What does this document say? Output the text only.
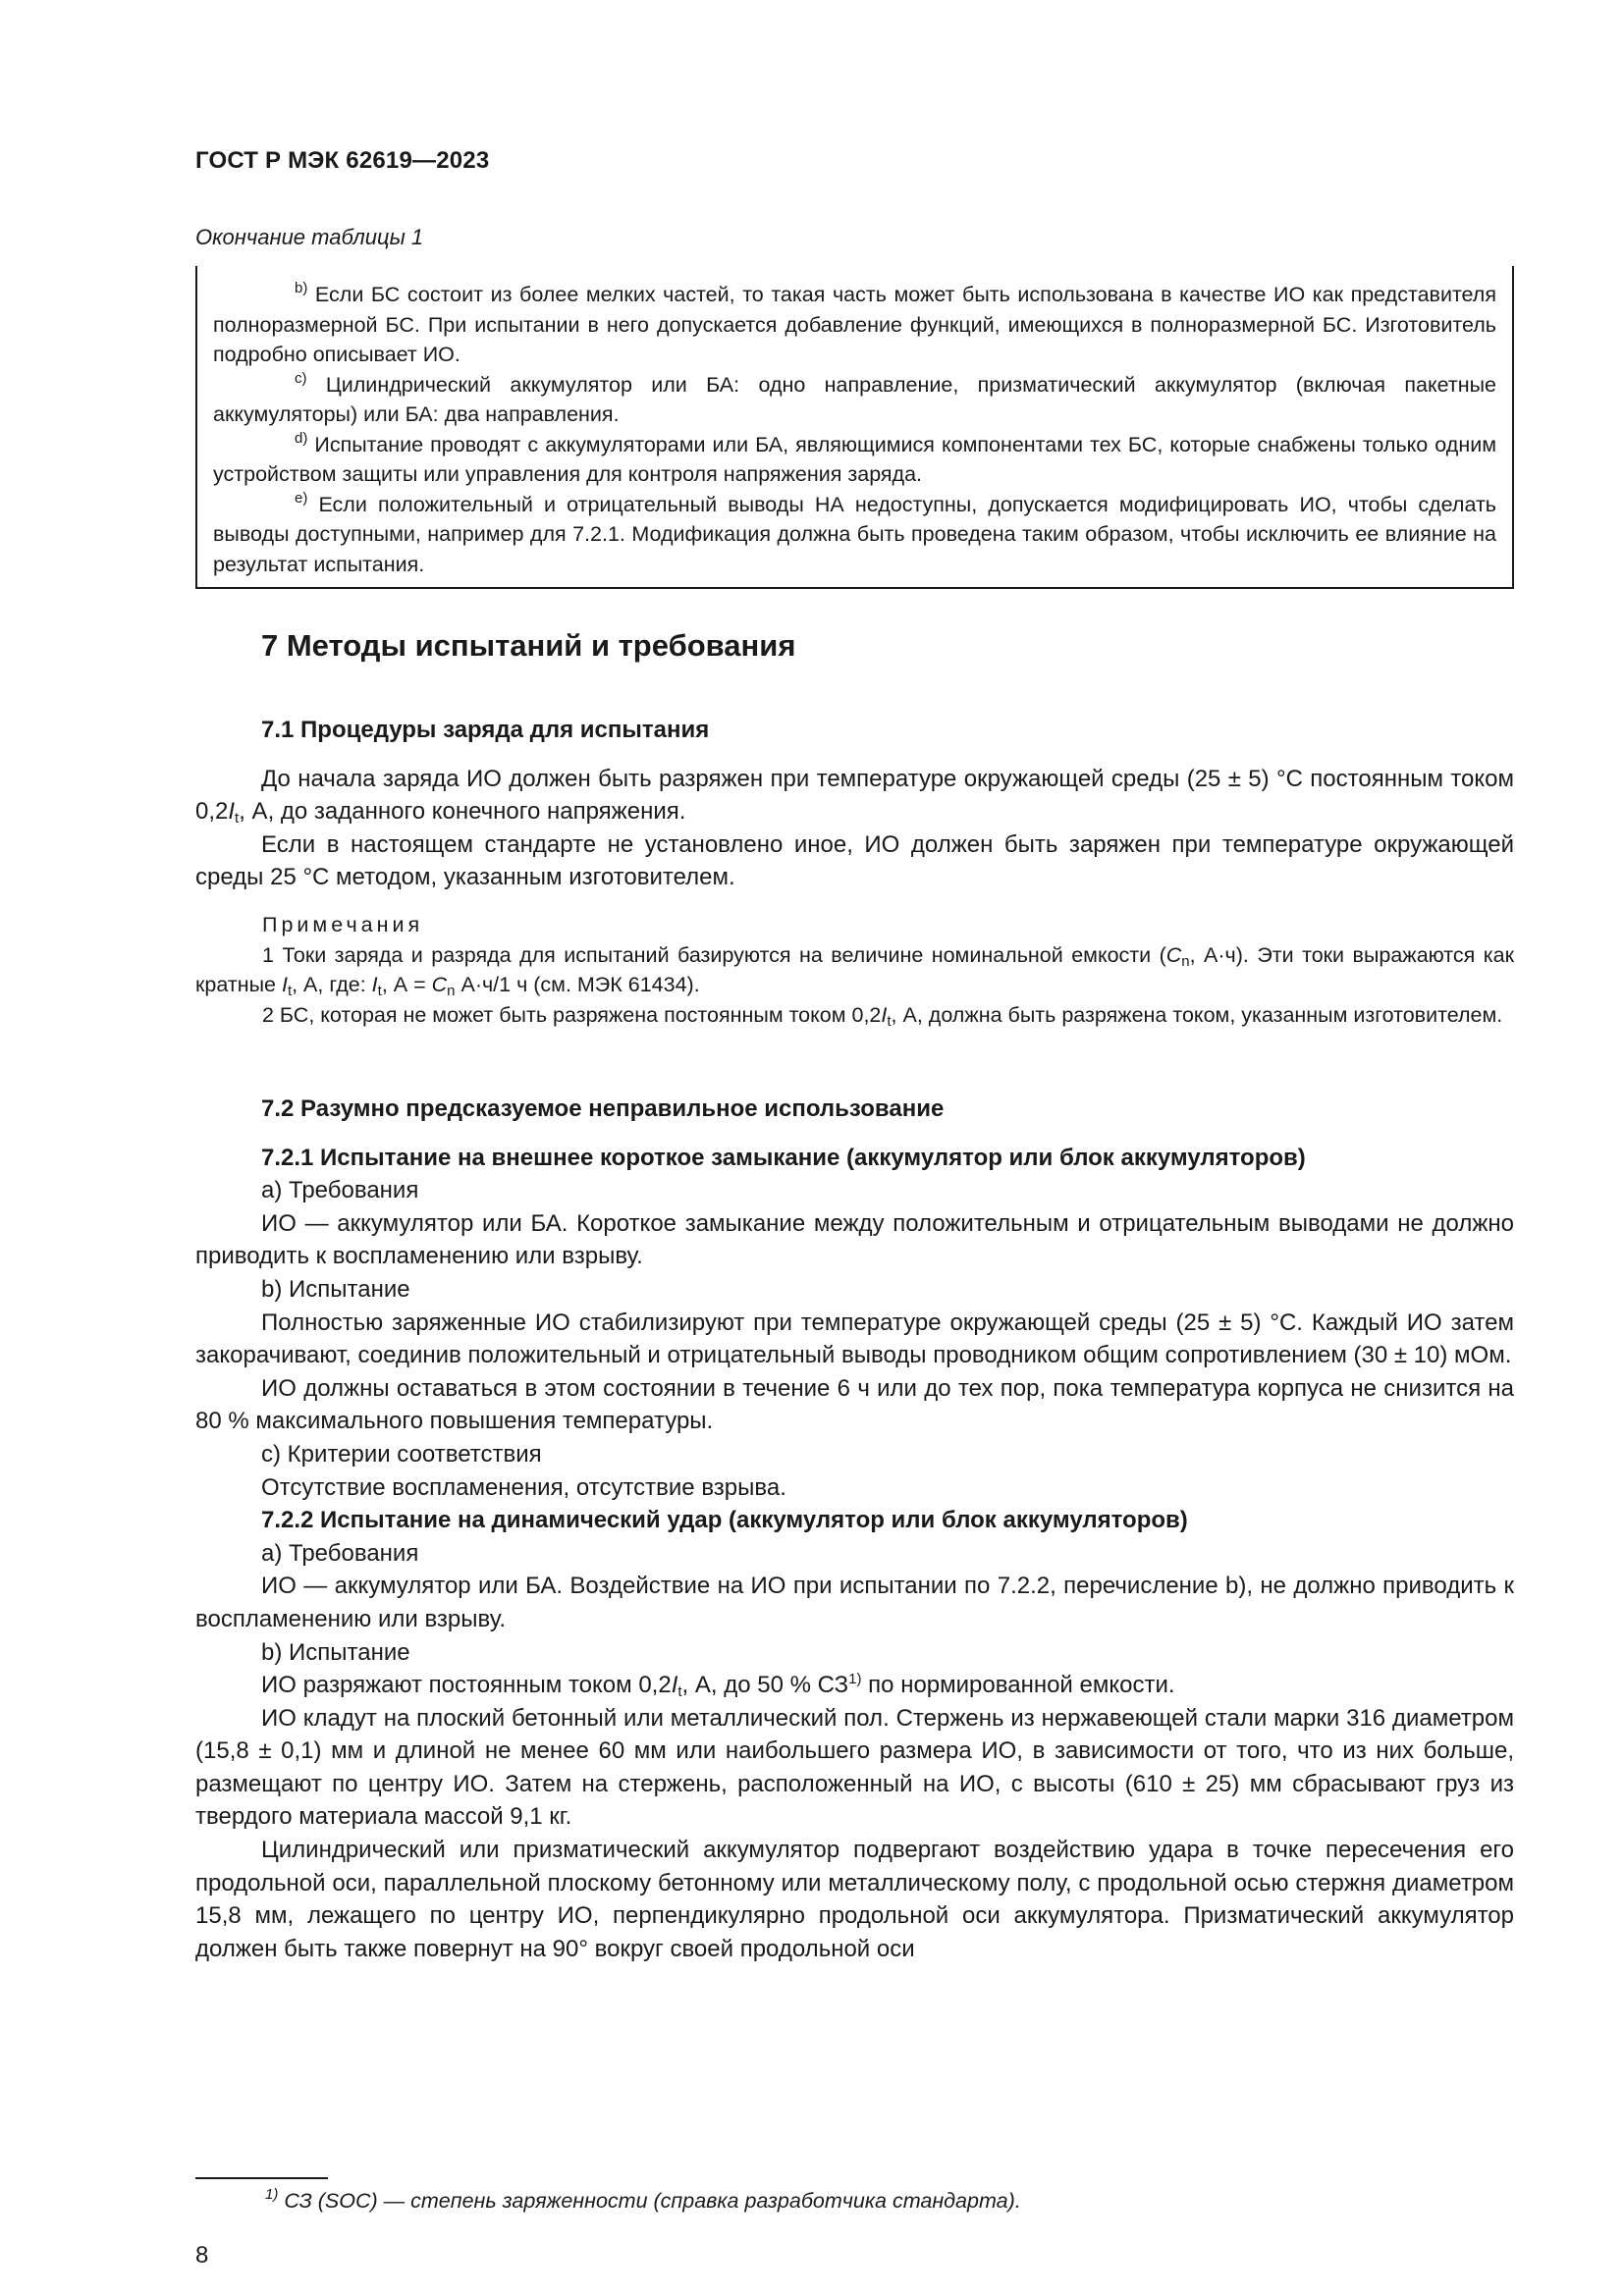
ГОСТ Р МЭК 62619—2023
Окончание таблицы 1

$^{b)}$ Если БС состоит из более мелких частей, то такая часть может быть использована в качестве ИО как представителя полноразмерной БС. При испытании в него допускается добавление функций, имеющихся в полноразмерной БС. Изготовитель подробно описывает ИО.

$^{c)}$ Цилиндрический аккумулятор или БА: одно направление, призматический аккумулятор (включая пакетные аккумуляторы) или БА: два направления.

$^{d)}$ Испытание проводят с аккумуляторами или БА, являющимися компонентами тех БС, которые снабжены только одним устройством защиты или управления для контроля напряжения заряда.

$^{e)}$ Если положительный и отрицательный выводы НА недоступны, допускается модифицировать ИО, чтобы сделать выводы доступными, например для 7.2.1. Модификация должна быть проведена таким образом, чтобы исключить ее влияние на результат испытания.

7 Методы испытаний и требования

7.1 Процедуры заряда для испытания

До начала заряда ИО должен быть разряжен при температуре окружающей среды (25 ± 5) °C постоянным током $0,2I_t$, А, до заданного конечного напряжения.

Если в настоящем стандарте не установлено иное, ИО должен быть заряжен при температуре окружающей среды 25 °C методом, указанным изготовителем.

Примечания

1 Токи заряда и разряда для испытаний базируются на величине номинальной емкости ($C_n$, А·ч). Эти токи выражаются как кратные $I_t$, А, где: $I_t$, $А = C_n$ А·ч/1 ч (см. МЭК 61434).

2 БС, которая не может быть разряжена постоянным током $0,2I_t$, А, должна быть разряжена током, указанным изготовителем.

7.2 Разумно предсказуемое неправильное использование

7.2.1 Испытание на внешнее короткое замыкание (аккумулятор или блок аккумуляторов)

a) Требования

ИО — аккумулятор или БА. Короткое замыкание между положительным и отрицательным выводами не должно приводить к воспламенению или взрыву.

b) Испытание

Полностью заряженные ИО стабилизируют при температуре окружающей среды (25 ± 5) °C. Каждый ИО затем закорачивают, соединив положительный и отрицательный выводы проводником общим сопротивлением (30 ± 10) мОм.

ИО должны оставаться в этом состоянии в течение 6 ч или до тех пор, пока температура корпуса не снизится на 80 % максимального повышения температуры.

c) Критерии соответствия

Отсутствие воспламенения, отсутствие взрыва.

7.2.2 Испытание на динамический удар (аккумулятор или блок аккумуляторов)

a) Требования

ИО — аккумулятор или БА. Воздействие на ИО при испытании по 7.2.2, перечисление b), не должно приводить к воспламенению или взрыву.

b) Испытание

ИО разряжают постоянным током $0,2I_t$, А, до 50 % СЗ$^{1)}$ по нормированной емкости.

ИО кладут на плоский бетонный или металлический пол. Стержень из нержавеющей стали марки 316 диаметром (15,8 ± 0,1) мм и длиной не менее 60 мм или наибольшего размера ИО, в зависимости от того, что из них больше, размещают по центру ИО. Затем на стержень, расположенный на ИО, с высоты (610 ± 25) мм сбрасывают груз из твердого материала массой 9,1 кг.

Цилиндрический или призматический аккумулятор подвергают воздействию удара в точке пересечения его продольной оси, параллельной плоскому бетонному или металлическому полу, с продольной осью стержня диаметром 15,8 мм, лежащего по центру ИО, перпендикулярно продольной оси аккумулятора. Призматический аккумулятор должен быть также повернут на 90° вокруг своей продольной оси

$^{1)}$ СЗ (SOC) — степень заряженности (справка разработчика стандарта).
8
